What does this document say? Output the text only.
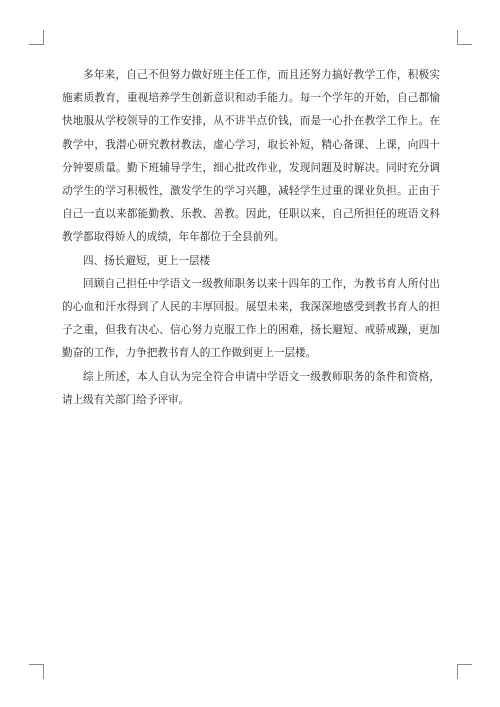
多年来，自己不但努力做好班主任工作，而且还努力搞好教学工作，积极实施素质教育，重视培养学生创新意识和动手能力。每一个学年的开始，自己都愉快地服从学校领导的工作安排，从不讲半点价钱，而是一心扑在教学工作上。在教学中，我潜心研究教材教法，虚心学习，取长补短，精心备课、上课，向四十分钟要质量。勤下班辅导学生，细心批改作业，发现问题及时解决。同时充分调动学生的学习积极性，激发学生的学习兴趣，减轻学生过重的课业负担。正由于自己一直以来都能勤教、乐教、善教。因此，任职以来，自己所担任的班语文科教学都取得娇人的成绩，年年都位于全县前列。

四、扬长避短，更上一层楼

回顾自己担任中学语文一级教师职务以来十四年的工作，为教书育人所付出的心血和汗水得到了人民的丰厚回报。展望未来，我深深地感受到教书育人的担子之重，但我有决心、信心努力克服工作上的困难，扬长避短、戒骄戒躁，更加勤奋的工作，力争把教书育人的工作做到更上一层楼。

综上所述，本人自认为完全符合申请中学语文一级教师职务的条件和资格，请上级有关部门给予评审。
